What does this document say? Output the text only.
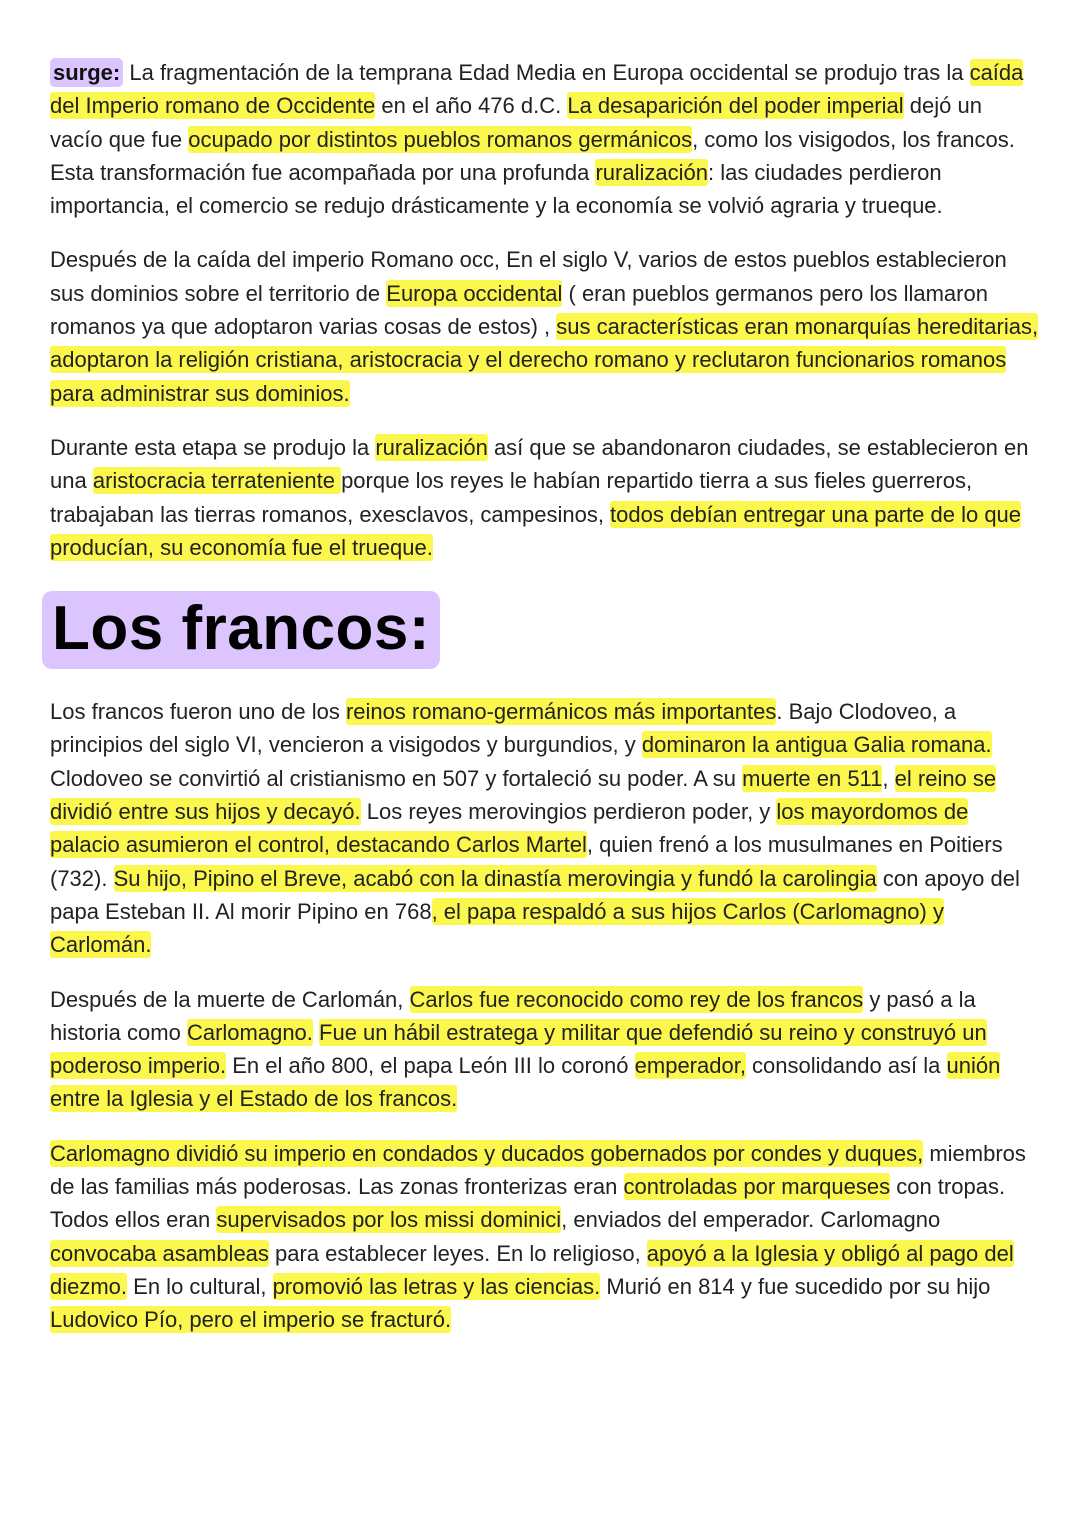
surge: La fragmentación de la temprana Edad Media en Europa occidental se produjo tras la caída del Imperio romano de Occidente en el año 476 d.C. La desaparición del poder imperial dejó un vacío que fue ocupado por distintos pueblos romanos germánicos, como los visigodos, los francos. Esta transformación fue acompañada por una profunda ruralización: las ciudades perdieron importancia, el comercio se redujo drásticamente y la economía se volvió agraria y trueque.

Después de la caída del imperio Romano occ, En el siglo V, varios de estos pueblos establecieron sus dominios sobre el territorio de Europa occidental ( eran pueblos germanos pero los llamaron romanos ya que adoptaron varias cosas de estos) , sus características eran monarquías hereditarias, adoptaron la religión cristiana, aristocracia y el derecho romano y reclutaron funcionarios romanos para administrar sus dominios.

Durante esta etapa se produjo la ruralización así que se abandonaron ciudades, se establecieron en una aristocracia terrateniente porque los reyes le habían repartido tierra a sus fieles guerreros, trabajaban las tierras romanos, exesclavos, campesinos, todos debían entregar una parte de lo que producían, su economía fue el trueque.

Los francos:

Los francos fueron uno de los reinos romano-germánicos más importantes. Bajo Clodoveo, a principios del siglo VI, vencieron a visigodos y burgundios, y dominaron la antigua Galia romana. Clodoveo se convirtió al cristianismo en 507 y fortaleció su poder. A su muerte en 511, el reino se dividió entre sus hijos y decayó. Los reyes merovingios perdieron poder, y los mayordomos de palacio asumieron el control, destacando Carlos Martel, quien frenó a los musulmanes en Poitiers (732). Su hijo, Pipino el Breve, acabó con la dinastía merovingia y fundó la carolingia con apoyo del papa Esteban II. Al morir Pipino en 768, el papa respaldó a sus hijos Carlos (Carlomagno) y Carlomán.

Después de la muerte de Carlomán, Carlos fue reconocido como rey de los francos y pasó a la historia como Carlomagno. Fue un hábil estratega y militar que defendió su reino y construyó un poderoso imperio. En el año 800, el papa León III lo coronó emperador, consolidando así la unión entre la Iglesia y el Estado de los francos.

Carlomagno dividió su imperio en condados y ducados gobernados por condes y duques, miembros de las familias más poderosas. Las zonas fronterizas eran controladas por marqueses con tropas. Todos ellos eran supervisados por los missi dominici, enviados del emperador. Carlomagno convocaba asambleas para establecer leyes. En lo religioso, apoyó a la Iglesia y obligó al pago del diezmo. En lo cultural, promovió las letras y las ciencias. Murió en 814 y fue sucedido por su hijo Ludovico Pío, pero el imperio se fracturó.
